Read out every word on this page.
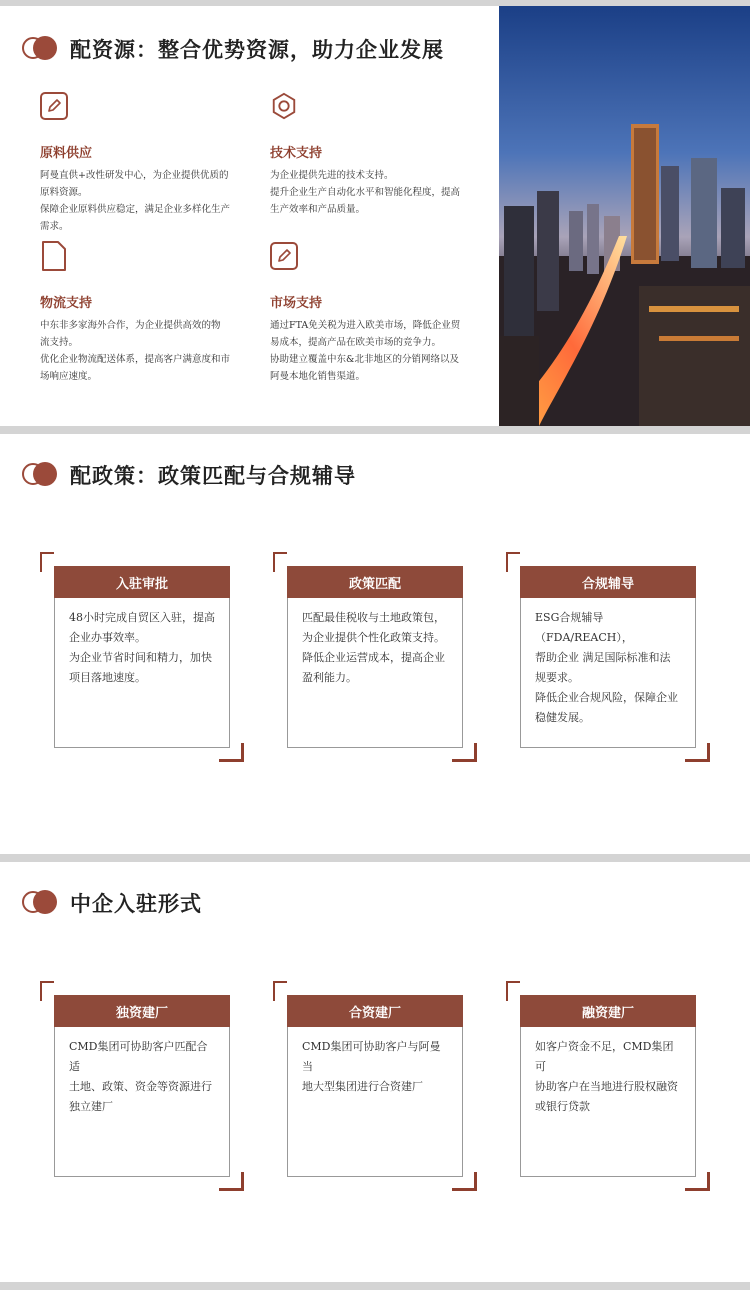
配资源：整合优势资源，助力企业发展
原料供应
阿曼直供+改性研发中心，为企业提供优质的
原料资源。
保障企业原料供应稳定，满足企业多样化生产
需求。
技术支持
为企业提供先进的技术支持。
提升企业生产自动化水平和智能化程度，提高
生产效率和产品质量。
物流支持
中东非多家海外合作，为企业提供高效的物
流支持。
优化企业物流配送体系，提高客户满意度和市
场响应速度。
市场支持
通过FTA免关税为进入欧美市场，降低企业贸
易成本，提高产品在欧美市场的竞争力。
协助建立覆盖中东&北非地区的分销网络以及
阿曼本地化销售渠道。
配政策：政策匹配与合规辅导
入驻审批

48小时完成自贸区入驻，提高

企业办事效率。

为企业节省时间和精力，加快

项目落地速度。

政策匹配

匹配最佳税收与土地政策包，

为企业提供个性化政策支持。

降低企业运营成本，提高企业

盈利能力。

合规辅导

ESG合规辅导（FDA/REACH），

帮助企业 满足国际标准和法

规要求。

降低企业合规风险，保障企业

稳健发展。

中企入驻形式
独资建厂

CMD集团可协助客户匹配合适

土地、政策、资金等资源进行

独立建厂

合资建厂

CMD集团可协助客户与阿曼当

地大型集团进行合资建厂

融资建厂

如客户资金不足，CMD集团可

协助客户在当地进行股权融资

或银行贷款
